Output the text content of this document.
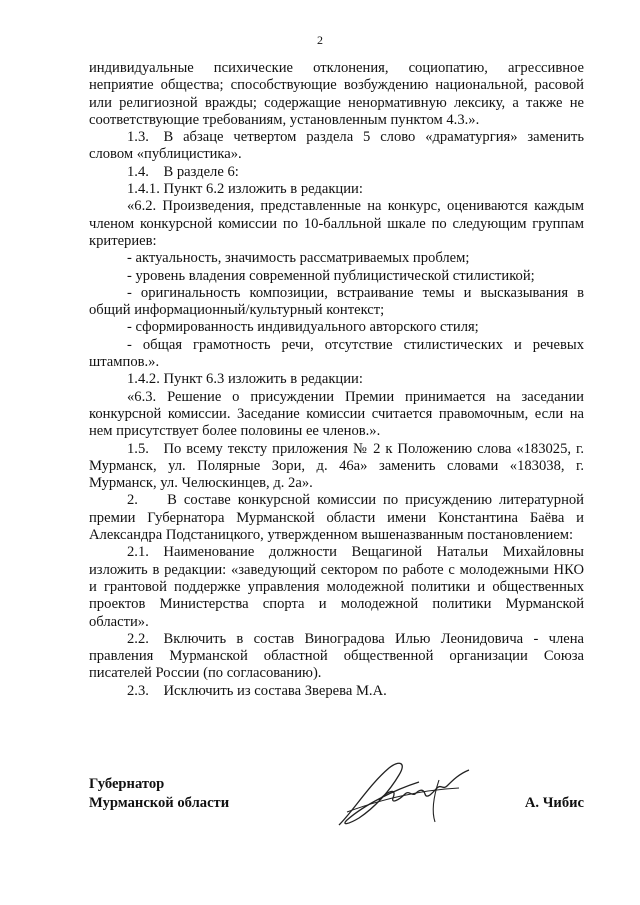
2

индивидуальные психические отклонения, социопатию, агрессивное неприятие общества; способствующие возбуждению национальной, расовой или религиозной вражды; содержащие ненормативную лексику, а также не соответствующие требованиям, установленным пунктом 4.3.».

1.3. В абзаце четвертом раздела 5 слово «драматургия» заменить словом «публицистика».

1.4. В разделе 6:

1.4.1. Пункт 6.2 изложить в редакции:

«6.2. Произведения, представленные на конкурс, оцениваются каждым членом конкурсной комиссии по 10-балльной шкале по следующим группам критериев:

- актуальность, значимость рассматриваемых проблем;

- уровень владения современной публицистической стилистикой;

- оригинальность композиции, встраивание темы и высказывания в общий информационный/культурный контекст;

- сформированность индивидуального авторского стиля;

- общая грамотность речи, отсутствие стилистических и речевых штампов.».

1.4.2. Пункт 6.3 изложить в редакции:

«6.3. Решение о присуждении Премии принимается на заседании конкурсной комиссии. Заседание комиссии считается правомочным, если на нем присутствует более половины ее членов.».

1.5. По всему тексту приложения № 2 к Положению слова «183025, г. Мурманск, ул. Полярные Зори, д. 46а» заменить словами «183038, г. Мурманск, ул. Челюскинцев, д. 2а».

2.  В составе конкурсной комиссии по присуждению литературной премии Губернатора Мурманской области имени Константина Баёва и Александра Подстаницкого, утвержденном вышеназванным постановлением:

2.1. Наименование должности Вещагиной Натальи Михайловны изложить в редакции: «заведующий сектором по работе с молодежными НКО и грантовой поддержке управления молодежной политики и общественных проектов Министерства спорта и молодежной политики Мурманской области».

2.2. Включить в состав Виноградова Илью Леонидовича - члена правления Мурманской областной общественной организации Союза писателей России (по согласованию).

2.3. Исключить из состава Зверева М.А.

Губернатор
Мурманской области	А. Чибис
